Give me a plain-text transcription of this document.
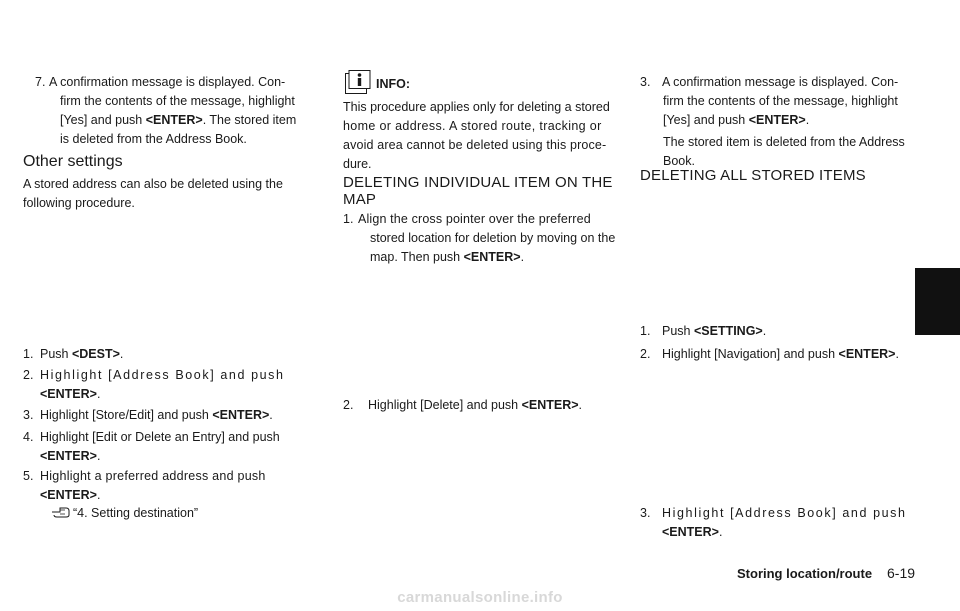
7. A confirmation message is displayed. Con-
firm the contents of the message, highlight
[Yes] and push <ENTER>. The stored item
is deleted from the Address Book.
Other settings
A stored address can also be deleted using the
following procedure.
1. Push <DEST>.
2. Highlight [Address Book] and push
<ENTER>.
3. Highlight [Store/Edit] and push <ENTER>.
4. Highlight [Edit or Delete an Entry] and push
<ENTER>.
5. Highlight a preferred address and push
<ENTER>.
“4. Setting destination”
INFO:
This procedure applies only for deleting a stored
home or address. A stored route, tracking or
avoid area cannot be deleted using this proce-
dure.
DELETING INDIVIDUAL ITEM ON THE
MAP
1. Align the cross pointer over the preferred
stored location for deletion by moving on the
map. Then push <ENTER>.
2. Highlight [Delete] and push <ENTER>.
3. A confirmation message is displayed. Con-
firm the contents of the message, highlight
[Yes] and push <ENTER>.
The stored item is deleted from the Address
Book.
DELETING ALL STORED ITEMS
1. Push <SETTING>.
2. Highlight [Navigation] and push <ENTER>.
3. Highlight [Address Book] and push
<ENTER>.
Storing location/route 6-19
carmanualsonline.info
